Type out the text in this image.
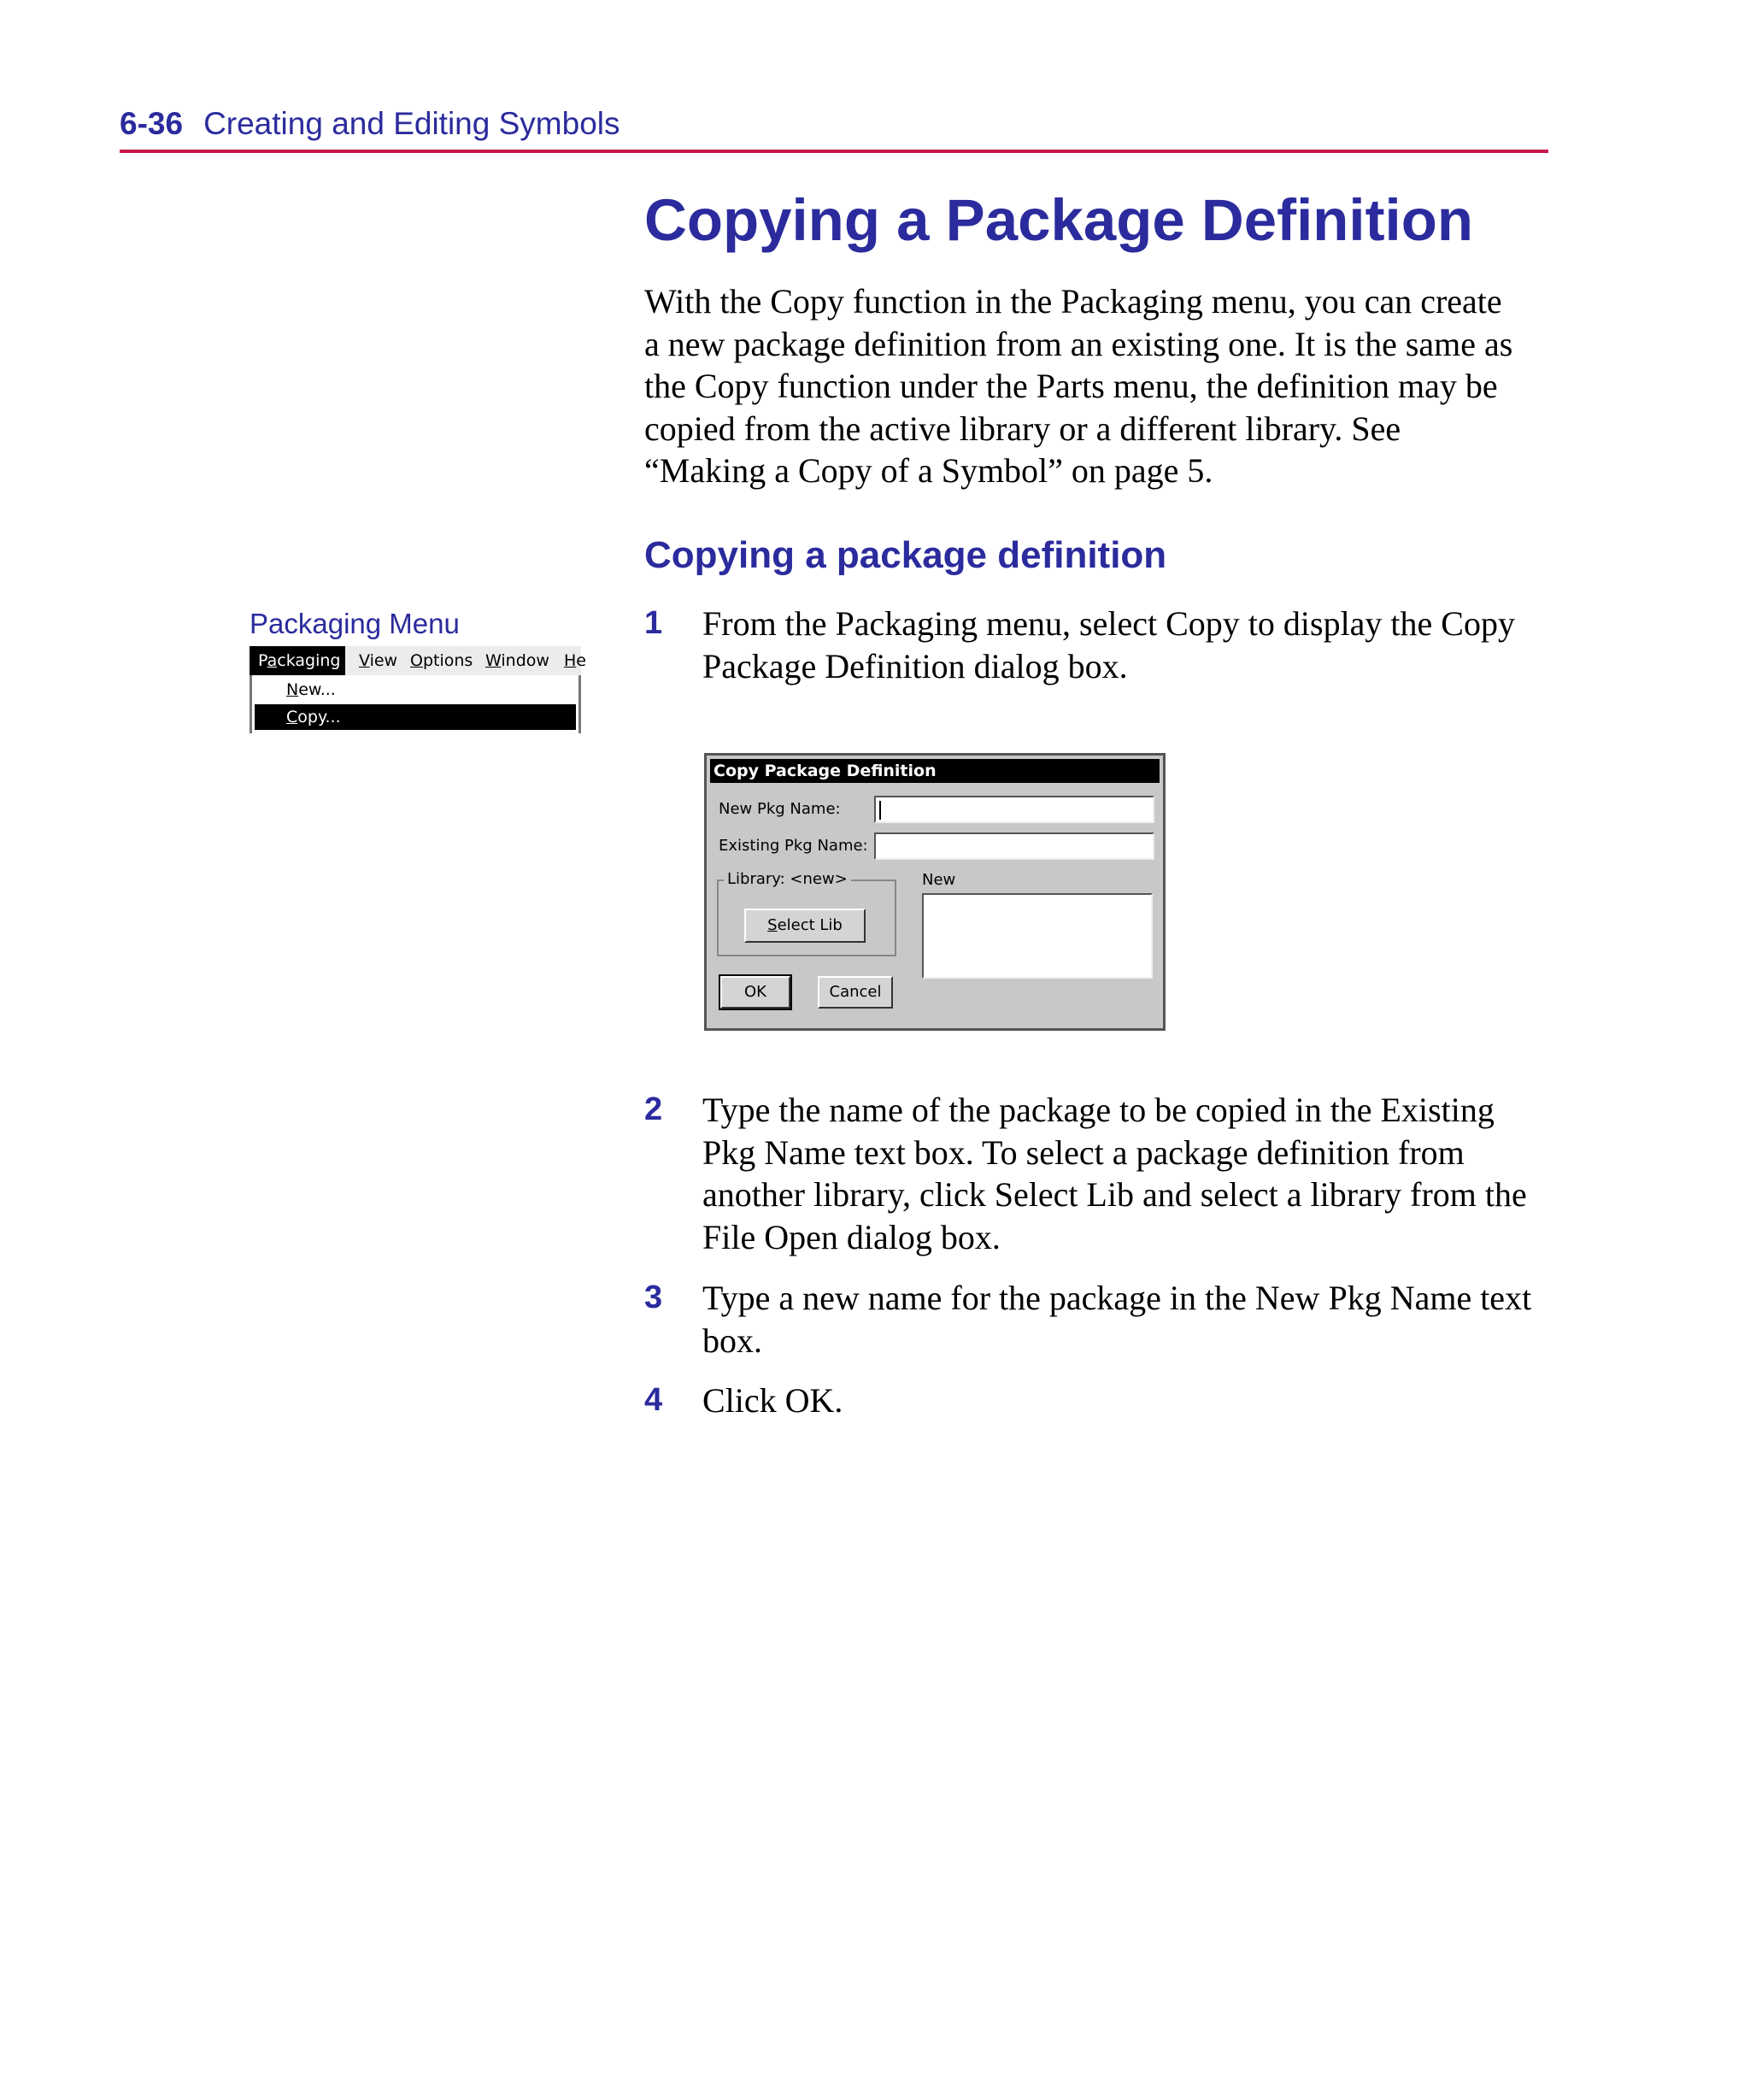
6-36 Creating and Editing Symbols
Copying a Package Definition
With the Copy function in the Packaging menu, you can create
a new package definition from an existing one. It is the same as
the Copy function under the Parts menu, the definition may be
copied from the active library or a different library. See
“Making a Copy of a Symbol” on page 5.
Copying a package definition
Packaging Menu
Packaging View Options Window He
New...
Copy...
1 From the Packaging menu, select Copy to display the Copy
Package Definition dialog box.
Copy Package Definition
New Pkg Name:
Existing Pkg Name:
Library: <new>
Select Lib
New
OK	Cancel
2 Type the name of the package to be copied in the Existing
Pkg Name text box. To select a package definition from
another library, click Select Lib and select a library from the
File Open dialog box.
3 Type a new name for the package in the New Pkg Name text
box.
4 Click OK.
